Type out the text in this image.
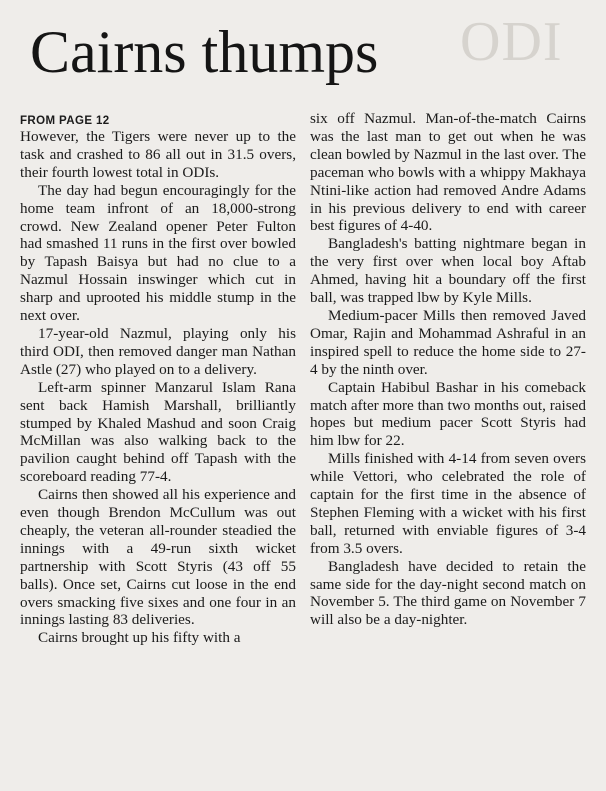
ODI
Cairns thumps
FROM PAGE 12

However, the Tigers were never up to the task and crashed to 86 all out in 31.5 overs, their fourth lowest total in ODIs.

The day had begun encouragingly for the home team infront of an 18,000-strong crowd. New Zealand opener Peter Fulton had smashed 11 runs in the first over bowled by Tapash Baisya but had no clue to a Nazmul Hossain inswinger which cut in sharp and uprooted his middle stump in the next over.

17-year-old Nazmul, playing only his third ODI, then removed danger man Nathan Astle (27) who played on to a delivery.

Left-arm spinner Manzarul Islam Rana sent back Hamish Marshall, brilliantly stumped by Khaled Mashud and soon Craig McMillan was also walking back to the pavilion caught behind off Tapash with the scoreboard reading 77-4.

Cairns then showed all his experience and even though Brendon McCullum was out cheaply, the veteran all-rounder steadied the innings with a 49-run sixth wicket partnership with Scott Styris (43 off 55 balls). Once set, Cairns cut loose in the end overs smacking five sixes and one four in an innings lasting 83 deliveries.

Cairns brought up his fifty with a

six off Nazmul. Man-of-the-match Cairns was the last man to get out when he was clean bowled by Nazmul in the last over. The paceman who bowls with a whippy Makhaya Ntini-like action had removed Andre Adams in his previous delivery to end with career best figures of 4-40.

Bangladesh's batting nightmare began in the very first over when local boy Aftab Ahmed, having hit a boundary off the first ball, was trapped lbw by Kyle Mills.

Medium-pacer Mills then removed Javed Omar, Rajin and Mohammad Ashraful in an inspired spell to reduce the home side to 27-4 by the ninth over.

Captain Habibul Bashar in his comeback match after more than two months out, raised hopes but medium pacer Scott Styris had him lbw for 22.

Mills finished with 4-14 from seven overs while Vettori, who celebrated the role of captain for the first time in the absence of Stephen Fleming with a wicket with his first ball, returned with enviable figures of 3-4 from 3.5 overs.

Bangladesh have decided to retain the same side for the day-night second match on November 5. The third game on November 7 will also be a day-nighter.
